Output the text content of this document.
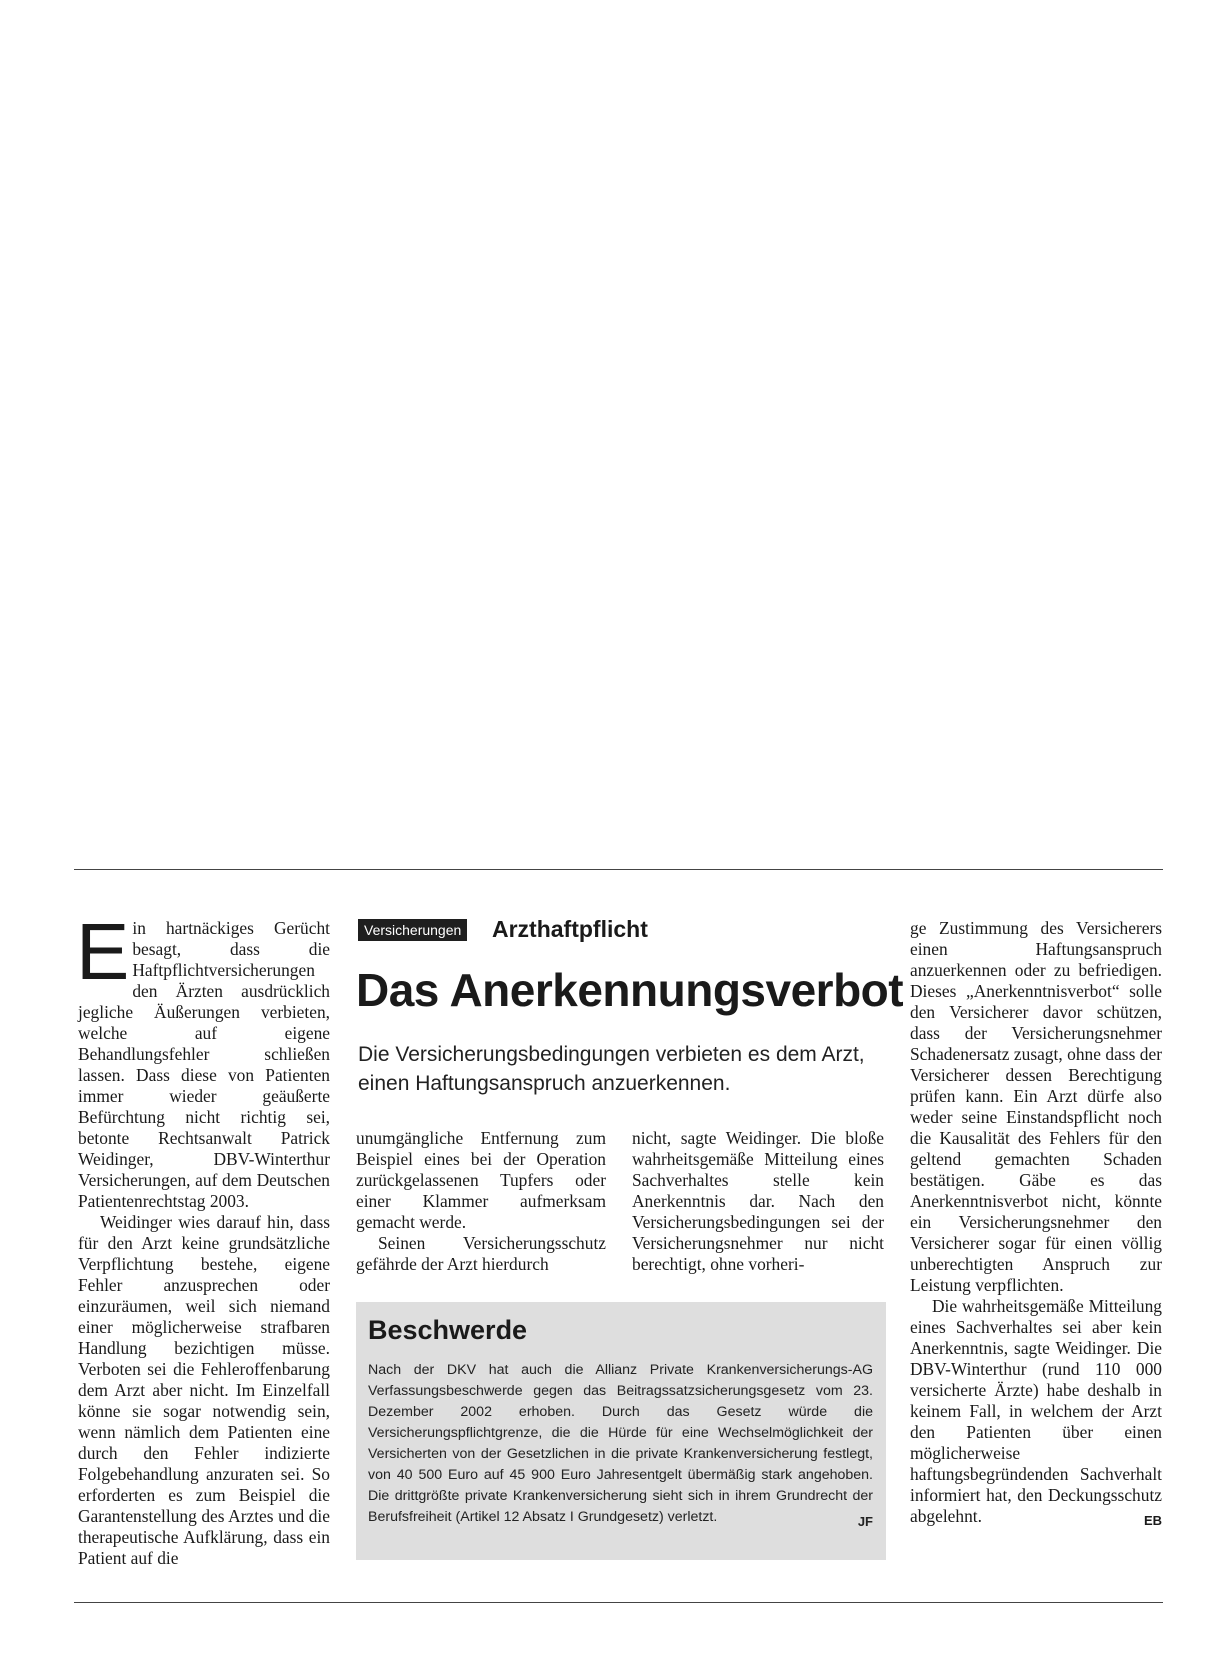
Ein hartnäckiges Gerücht besagt, dass die Haftpflichtversicherungen den Ärzten ausdrücklich jegliche Äußerungen verbieten, welche auf eigene Behandlungsfehler schließen lassen. Dass diese von Patienten immer wieder geäußerte Befürchtung nicht richtig sei, betonte Rechtsanwalt Patrick Weidinger, DBV-Winterthur Versicherungen, auf dem Deutschen Patientenrechtstag 2003.

Weidinger wies darauf hin, dass für den Arzt keine grundsätzliche Verpflichtung bestehe, eigene Fehler anzusprechen oder einzuräumen, weil sich niemand einer möglicherweise strafbaren Handlung bezichtigen müsse. Verboten sei die Fehleroffenbarung dem Arzt aber nicht. Im Einzelfall könne sie sogar notwendig sein, wenn nämlich dem Patienten eine durch den Fehler indizierte Folgebehandlung anzuraten sei. So erforderten es zum Beispiel die Garantenstellung des Arztes und die therapeutische Aufklärung, dass ein Patient auf die

Versicherungen Arzthaftpflicht
Das Anerkennungsverbot
Die Versicherungsbedingungen verbieten es dem Arzt, einen Haftungsanspruch anzuerkennen.

unumgängliche Entfernung zum Beispiel eines bei der Operation zurückgelassenen Tupfers oder einer Klammer aufmerksam gemacht werde.

Seinen Versicherungsschutz gefährde der Arzt hierdurch

nicht, sagte Weidinger. Die bloße wahrheitsgemäße Mitteilung eines Sachverhaltes stelle kein Anerkenntnis dar. Nach den Versicherungsbedingungen sei der Versicherungsnehmer nur nicht berechtigt, ohne vorheri-

Beschwerde

Nach der DKV hat auch die Allianz Private Krankenversicherungs-AG Verfassungsbeschwerde gegen das Beitragssatzsicherungsgesetz vom 23. Dezember 2002 erhoben. Durch das Gesetz würde die Versicherungspflichtgrenze, die die Hürde für eine Wechselmöglichkeit der Versicherten von der Gesetzlichen in die private Krankenversicherung festlegt, von 40 500 Euro auf 45 900 Euro Jahresentgelt übermäßig stark angehoben. Die drittgrößte private Krankenversicherung sieht sich in ihrem Grundrecht der Berufsfreiheit (Artikel 12 Absatz I Grundgesetz) verletzt.	JF

ge Zustimmung des Versicherers einen Haftungsanspruch anzuerkennen oder zu befriedigen. Dieses „Anerkenntnisverbot“ solle den Versicherer davor schützen, dass der Versicherungsnehmer Schadenersatz zusagt, ohne dass der Versicherer dessen Berechtigung prüfen kann. Ein Arzt dürfe also weder seine Einstandspflicht noch die Kausalität des Fehlers für den geltend gemachten Schaden bestätigen. Gäbe es das Anerkenntnisverbot nicht, könnte ein Versicherungsnehmer den Versicherer sogar für einen völlig unberechtigten Anspruch zur Leistung verpflichten.

Die wahrheitsgemäße Mitteilung eines Sachverhaltes sei aber kein Anerkenntnis, sagte Weidinger. Die DBV-Winterthur (rund 110 000 versicherte Ärzte) habe deshalb in keinem Fall, in welchem der Arzt den Patienten über einen möglicherweise haftungsbegründenden Sachverhalt informiert hat, den Deckungsschutz abgelehnt.	EB
